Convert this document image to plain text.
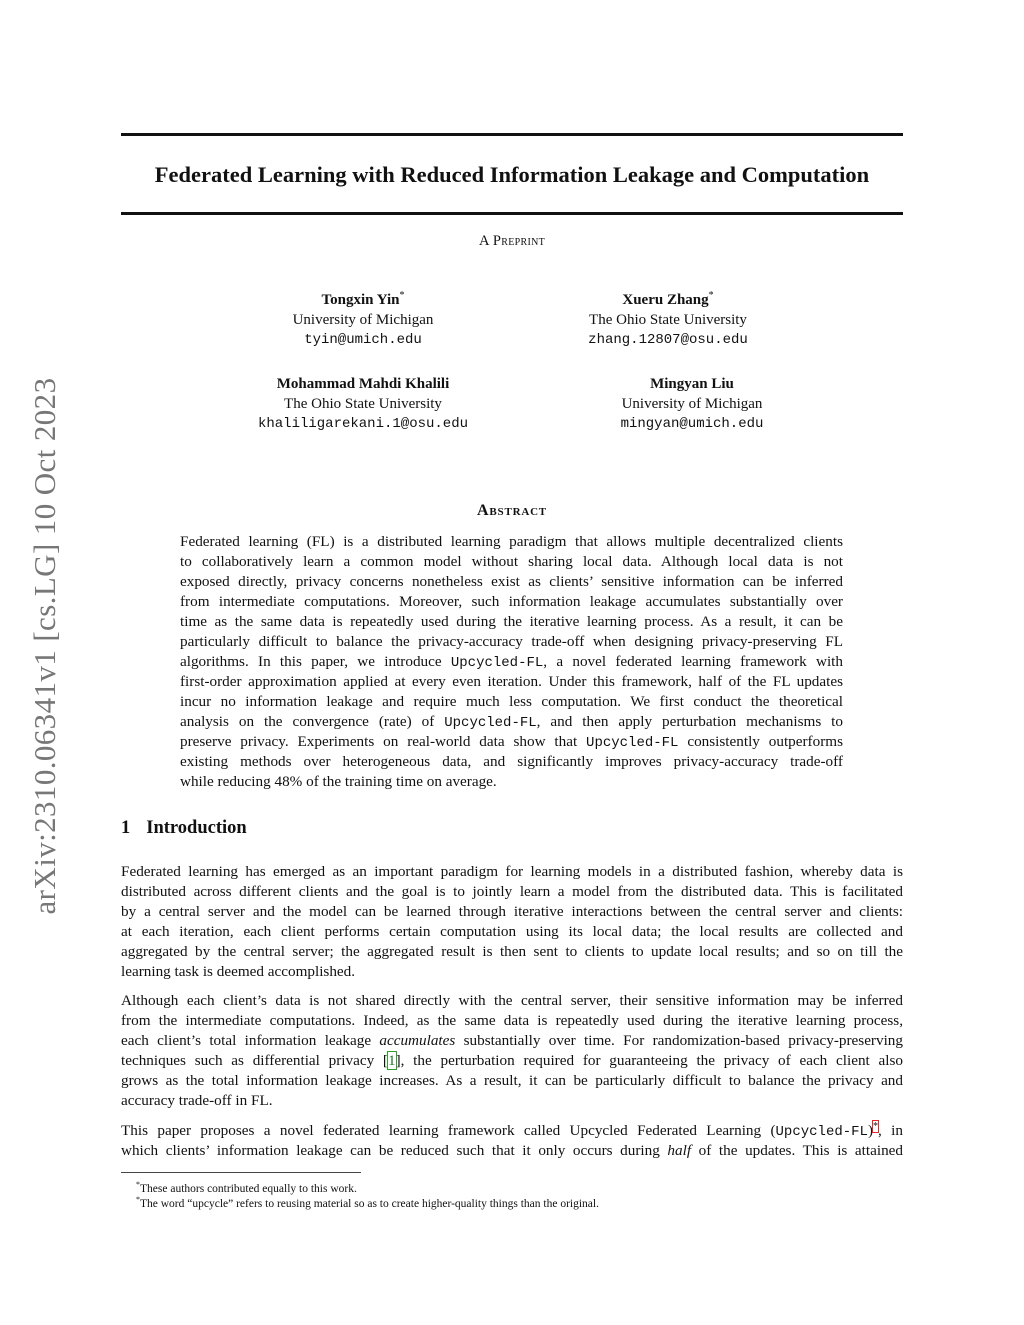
arXiv:2310.06341v1 [cs.LG] 10 Oct 2023
Federated Learning with Reduced Information Leakage and Computation
A Preprint
Tongxin Yin*
University of Michigan
tyin@umich.edu
Xueru Zhang*
The Ohio State University
zhang.12807@osu.edu
Mohammad Mahdi Khalili
The Ohio State University
khaliligarekani.1@osu.edu
Mingyan Liu
University of Michigan
mingyan@umich.edu
Abstract
Federated learning (FL) is a distributed learning paradigm that allows multiple decentralized clients
to collaboratively learn a common model without sharing local data. Although local data is not
exposed directly, privacy concerns nonetheless exist as clients’ sensitive information can be inferred
from intermediate computations. Moreover, such information leakage accumulates substantially over
time as the same data is repeatedly used during the iterative learning process. As a result, it can be
particularly difficult to balance the privacy-accuracy trade-off when designing privacy-preserving FL
algorithms. In this paper, we introduce Upcycled-FL, a novel federated learning framework with
first-order approximation applied at every even iteration. Under this framework, half of the FL updates
incur no information leakage and require much less computation. We first conduct the theoretical
analysis on the convergence (rate) of Upcycled-FL, and then apply perturbation mechanisms to
preserve privacy. Experiments on real-world data show that Upcycled-FL consistently outperforms
existing methods over heterogeneous data, and significantly improves privacy-accuracy trade-off
while reducing 48% of the training time on average.
1 Introduction
Federated learning has emerged as an important paradigm for learning models in a distributed fashion, whereby data is
distributed across different clients and the goal is to jointly learn a model from the distributed data. This is facilitated
by a central server and the model can be learned through iterative interactions between the central server and clients:
at each iteration, each client performs certain computation using its local data; the local results are collected and
aggregated by the central server; the aggregated result is then sent to clients to update local results; and so on till the
learning task is deemed accomplished.
Although each client’s data is not shared directly with the central server, their sensitive information may be inferred
from the intermediate computations. Indeed, as the same data is repeatedly used during the iterative learning process,
each client’s total information leakage accumulates substantially over time. For randomization-based privacy-preserving
techniques such as differential privacy [1], the perturbation required for guaranteeing the privacy of each client also
grows as the total information leakage increases. As a result, it can be particularly difficult to balance the privacy and
accuracy trade-off in FL.
This paper proposes a novel federated learning framework called Upcycled Federated Learning (Upcycled-FL)*, in
which clients’ information leakage can be reduced such that it only occurs during half of the updates. This is attained
*These authors contributed equally to this work.
*The word “upcycle” refers to reusing material so as to create higher-quality things than the original.
